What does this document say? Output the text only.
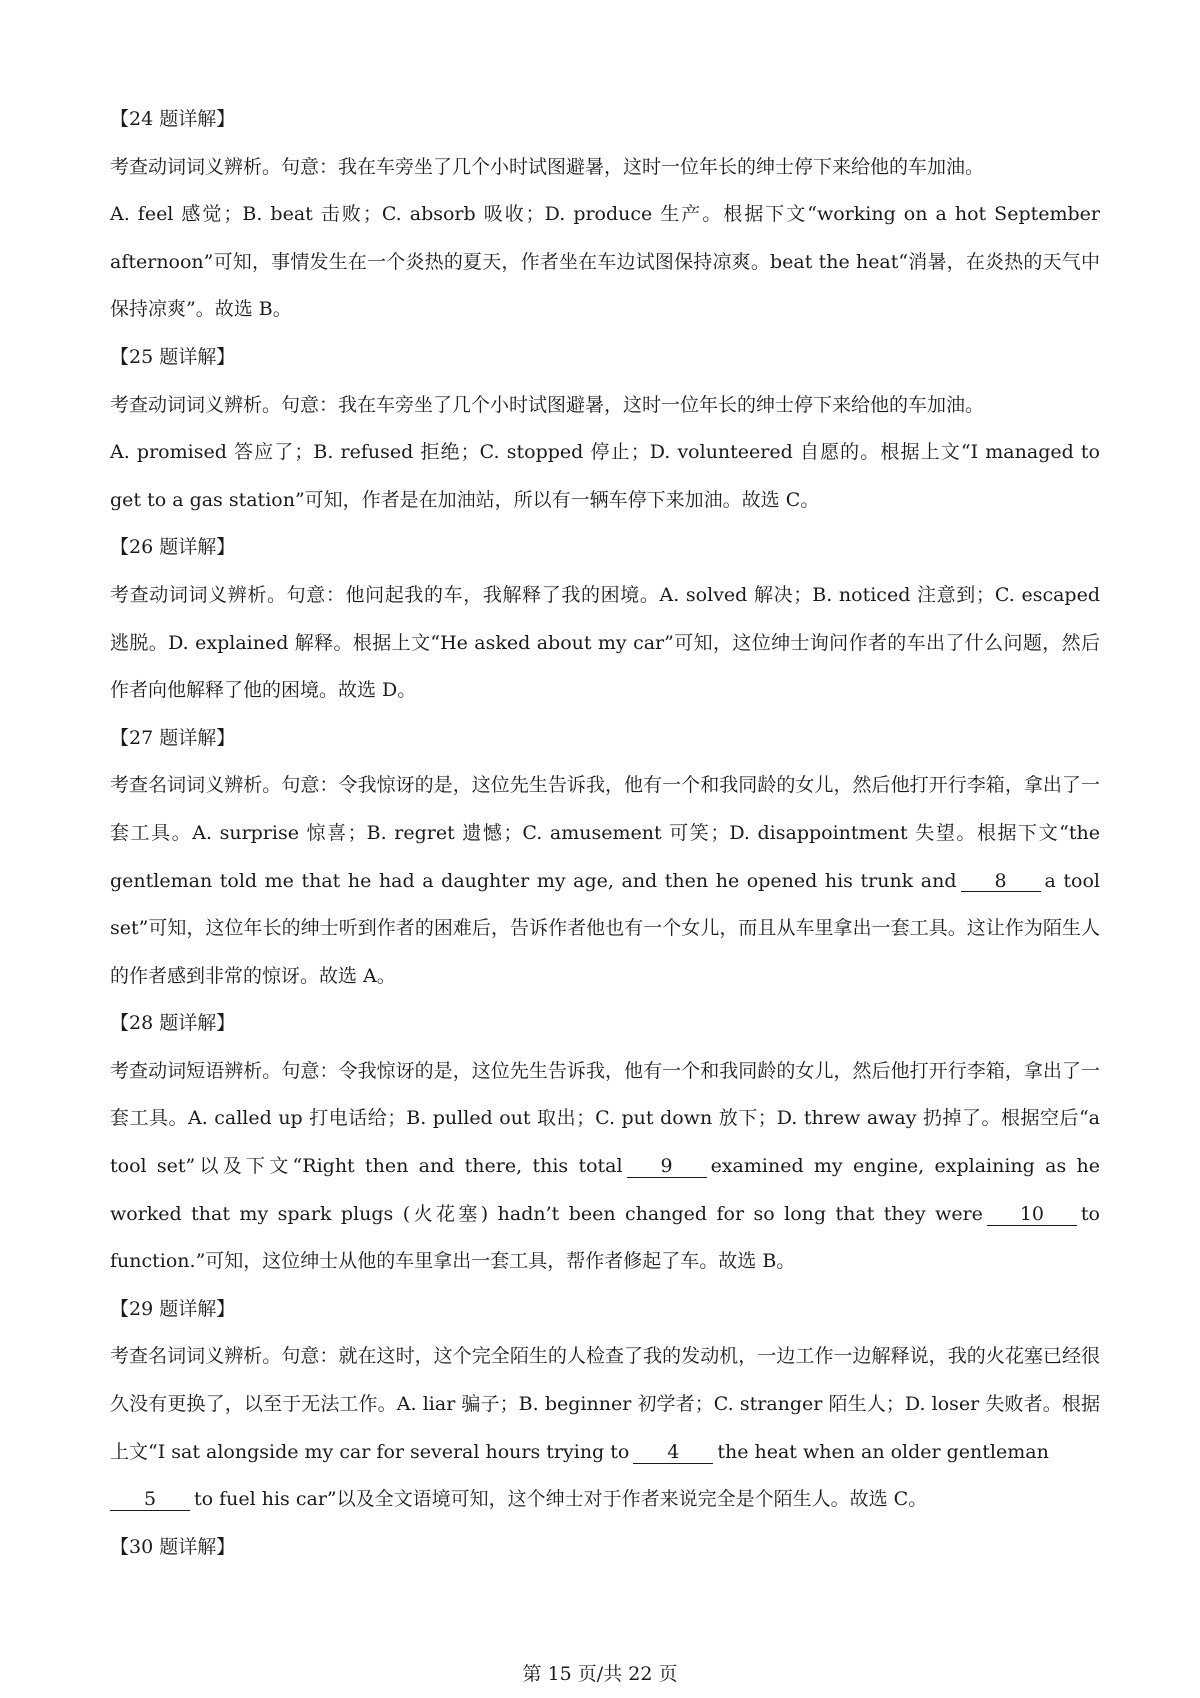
【24 题详解】
考查动词词义辨析。句意：我在车旁坐了几个小时试图避暑，这时一位年长的绅士停下来给他的车加油。
A. feel 感觉；B. beat 击败；C. absorb 吸收；D. produce 生产。根据下文“working on a hot September afternoon”可知，事情发生在一个炎热的夏天，作者坐在车边试图保持凉爽。beat the heat“消暑，在炎热的天气中保持凉爽”。故选 B。
【25 题详解】
考查动词词义辨析。句意：我在车旁坐了几个小时试图避暑，这时一位年长的绅士停下来给他的车加油。
A. promised 答应了；B. refused 拒绝；C. stopped 停止；D. volunteered 自愿的。根据上文“I managed to get to a gas station”可知，作者是在加油站，所以有一辆车停下来加油。故选 C。
【26 题详解】
考查动词词义辨析。句意：他问起我的车，我解释了我的困境。A. solved 解决；B. noticed 注意到；C. escaped 逃脱。D. explained 解释。根据上文“He asked about my car”可知，这位绅士询问作者的车出了什么问题，然后作者向他解释了他的困境。故选 D。
【27 题详解】
考查名词词义辨析。句意：令我惊讶的是，这位先生告诉我，他有一个和我同龄的女儿，然后他打开行李箱，拿出了一套工具。A. surprise 惊喜；B. regret 遗憾；C. amusement 可笑；D. disappointment 失望。根据下文“the gentleman told me that he had a daughter my age, and then he opened his trunk and 8 a tool set”可知，这位年长的绅士听到作者的困难后，告诉作者他也有一个女儿，而且从车里拿出一套工具。这让作为陌生人的作者感到非常的惊讶。故选 A。
【28 题详解】
考查动词短语辨析。句意：令我惊讶的是，这位先生告诉我，他有一个和我同龄的女儿，然后他打开行李箱，拿出了一套工具。A. called up 打电话给；B. pulled out 取出；C. put down 放下；D. threw away 扔掉了。根据空后“a tool set”以及下文“Right then and there, this total 9 examined my engine, explaining as he worked that my spark plugs (火花塞) hadn’t been changed for so long that they were 10 to function.”可知，这位绅士从他的车里拿出一套工具，帮作者修起了车。故选 B。
【29 题详解】
考查名词词义辨析。句意：就在这时，这个完全陌生的人检查了我的发动机，一边工作一边解释说，我的火花塞已经很久没有更换了，以至于无法工作。A. liar 骗子；B. beginner 初学者；C. stranger 陌生人；D. loser 失败者。根据上文“I sat alongside my car for several hours trying to 4 the heat when an older gentleman
5 to fuel his car”以及全文语境可知，这个绅士对于作者来说完全是个陌生人。故选 C。
【30 题详解】
第 15 页/共 22 页
